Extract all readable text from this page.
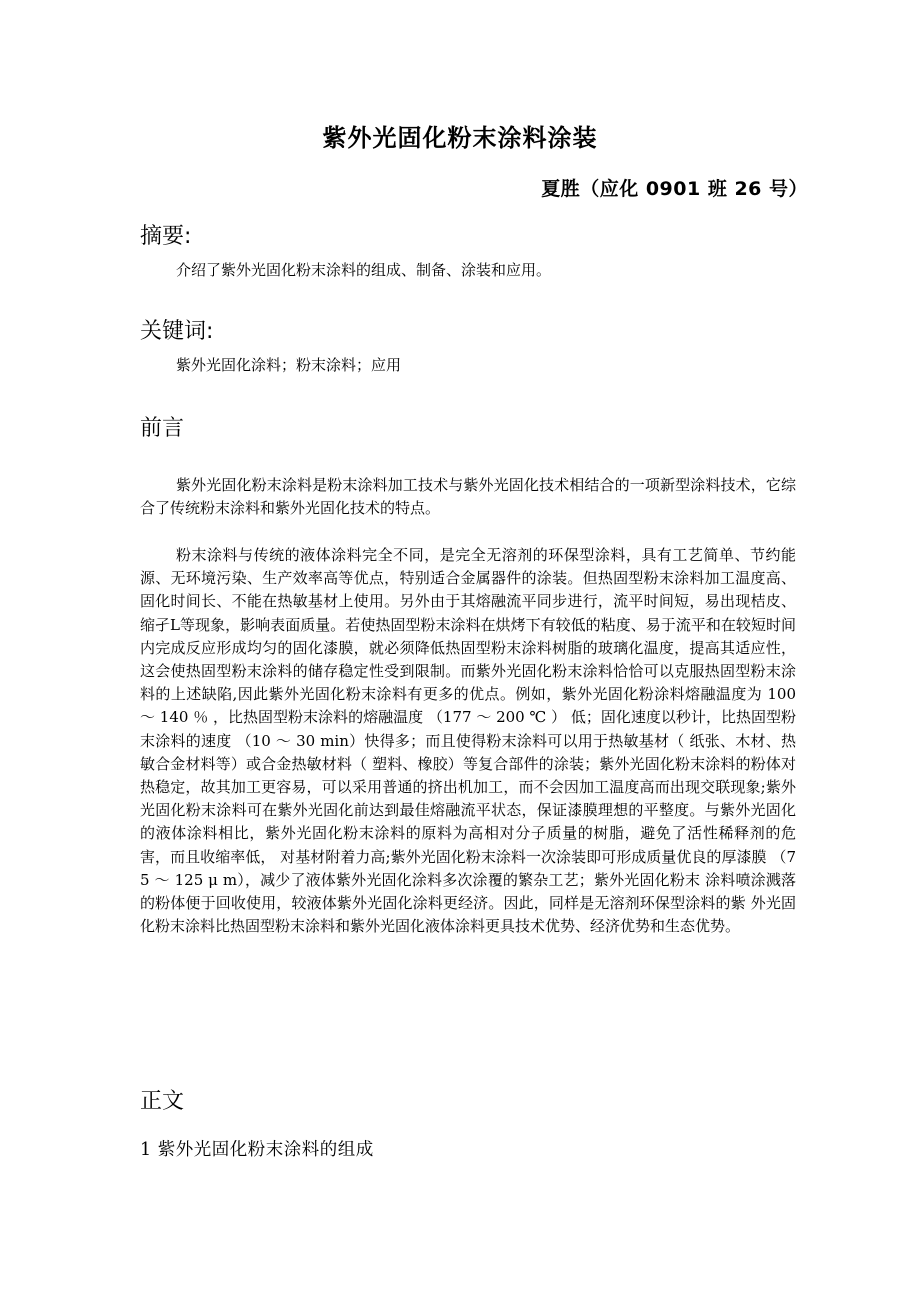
紫外光固化粉末涂料涂装
夏胜（应化 0901 班 26 号）
摘要:
介绍了紫外光固化粉末涂料的组成、制备、涂装和应用。
关键词:
紫外光固化涂料；粉末涂料；应用
前言
紫外光固化粉末涂料是粉末涂料加工技术与紫外光固化技术相结合的一项新型涂料技术，它综合了传统粉末涂料和紫外光固化技术的特点。
粉末涂料与传统的液体涂料完全不同，是完全无溶剂的环保型涂料，具有工艺简单、节约能源、无环境污染、生产效率高等优点，特别适合金属器件的涂装。但热固型粉末涂料加工温度高、固化时间长、不能在热敏基材上使用。另外由于其熔融流平同步进行，流平时间短，易出现桔皮、缩孑L等现象，影响表面质量。若使热固型粉末涂料在烘烤下有较低的粘度、易于流平和在较短时间内完成反应形成均匀的固化漆膜，就必须降低热固型粉末涂料树脂的玻璃化温度，提高其适应性，这会使热固型粉末涂料的储存稳定性受到限制。而紫外光固化粉末涂料恰恰可以克服热固型粉末涂料的上述缺陷,因此紫外光固化粉末涂料有更多的优点。例如，紫外光固化粉涂料熔融温度为 100 ～ 140 ％ ，比热固型粉末涂料的熔融温度 （177 ～ 200 ℃ ） 低；固化速度以秒计，比热固型粉末涂料的速度 （10 ～ 30 min）快得多；而且使得粉末涂料可以用于热敏基材（ 纸张、木材、热敏合金材料等）或合金热敏材料（ 塑料、橡胶）等复合部件的涂装；紫外光固化粉末涂料的粉体对热稳定，故其加工更容易，可以采用普通的挤出机加工，而不会因加工温度高而出现交联现象;紫外光固化粉末涂料可在紫外光固化前达到最佳熔融流平状态，保证漆膜理想的平整度。与紫外光固化的液体涂料相比，紫外光固化粉末涂料的原料为高相对分子质量的树脂，避免了活性稀释剂的危害，而且收缩率低， 对基材附着力高;紫外光固化粉末涂料一次涂装即可形成质量优良的厚漆膜 （75 ～ 125 μ m），减少了液体紫外光固化涂料多次涂覆的繁杂工艺；紫外光固化粉末 涂料喷涂溅落的粉体便于回收使用，较液体紫外光固化涂料更经济。因此，同样是无溶剂环保型涂料的紫 外光固化粉末涂料比热固型粉末涂料和紫外光固化液体涂料更具技术优势、经济优势和生态优势。
正文
1 紫外光固化粉末涂料的组成
